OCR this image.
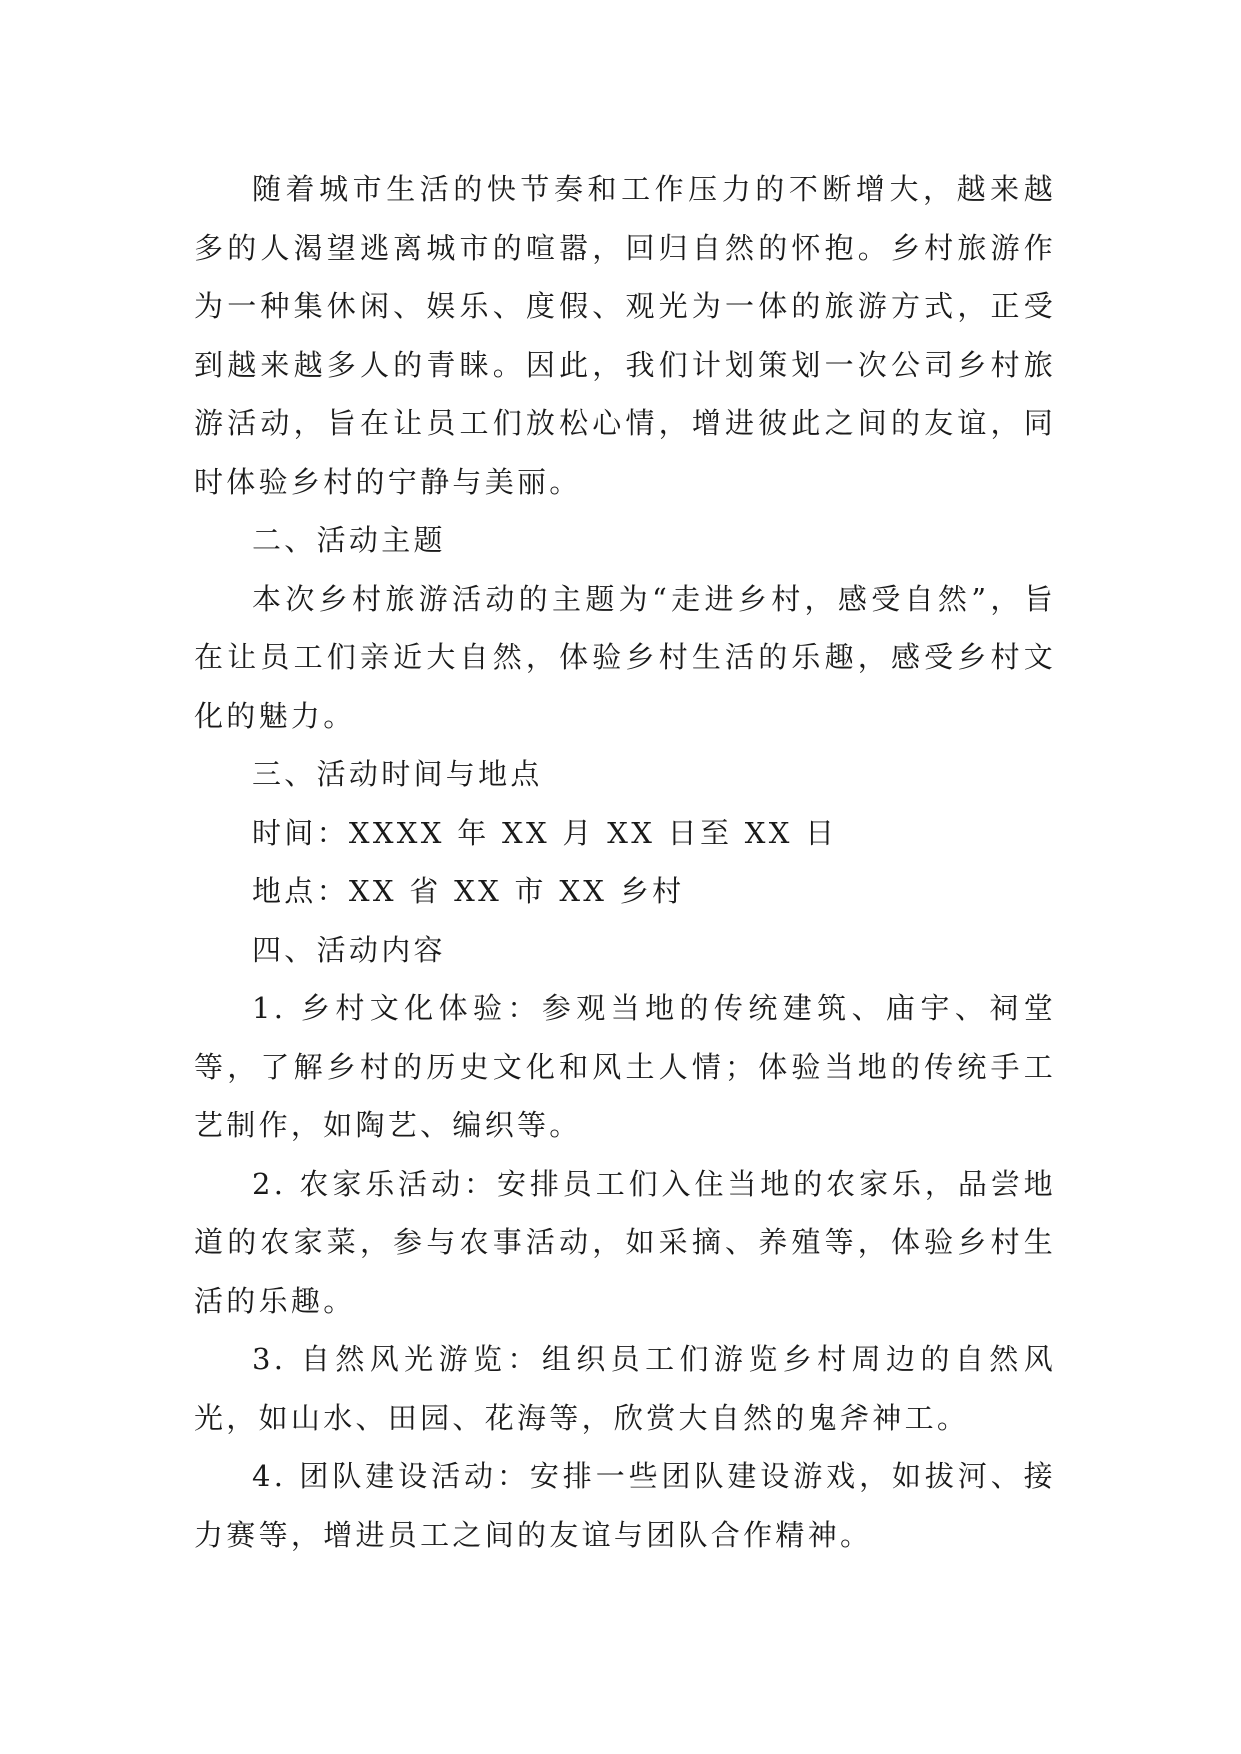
随着城市生活的快节奏和工作压力的不断增大，越来越多的人渴望逃离城市的喧嚣，回归自然的怀抱。乡村旅游作为一种集休闲、娱乐、度假、观光为一体的旅游方式，正受到越来越多人的青睐。因此，我们计划策划一次公司乡村旅游活动，旨在让员工们放松心情，增进彼此之间的友谊，同时体验乡村的宁静与美丽。

二、活动主题

本次乡村旅游活动的主题为“走进乡村，感受自然”，旨在让员工们亲近大自然，体验乡村生活的乐趣，感受乡村文化的魅力。

三、活动时间与地点

时间：XXXX 年 XX 月 XX 日至 XX 日

地点：XX 省 XX 市 XX 乡村

四、活动内容

1. 乡村文化体验：参观当地的传统建筑、庙宇、祠堂等，了解乡村的历史文化和风土人情；体验当地的传统手工艺制作，如陶艺、编织等。

2. 农家乐活动：安排员工们入住当地的农家乐，品尝地道的农家菜，参与农事活动，如采摘、养殖等，体验乡村生活的乐趣。

3. 自然风光游览：组织员工们游览乡村周边的自然风光，如山水、田园、花海等，欣赏大自然的鬼斧神工。

4. 团队建设活动：安排一些团队建设游戏，如拔河、接力赛等，增进员工之间的友谊与团队合作精神。
